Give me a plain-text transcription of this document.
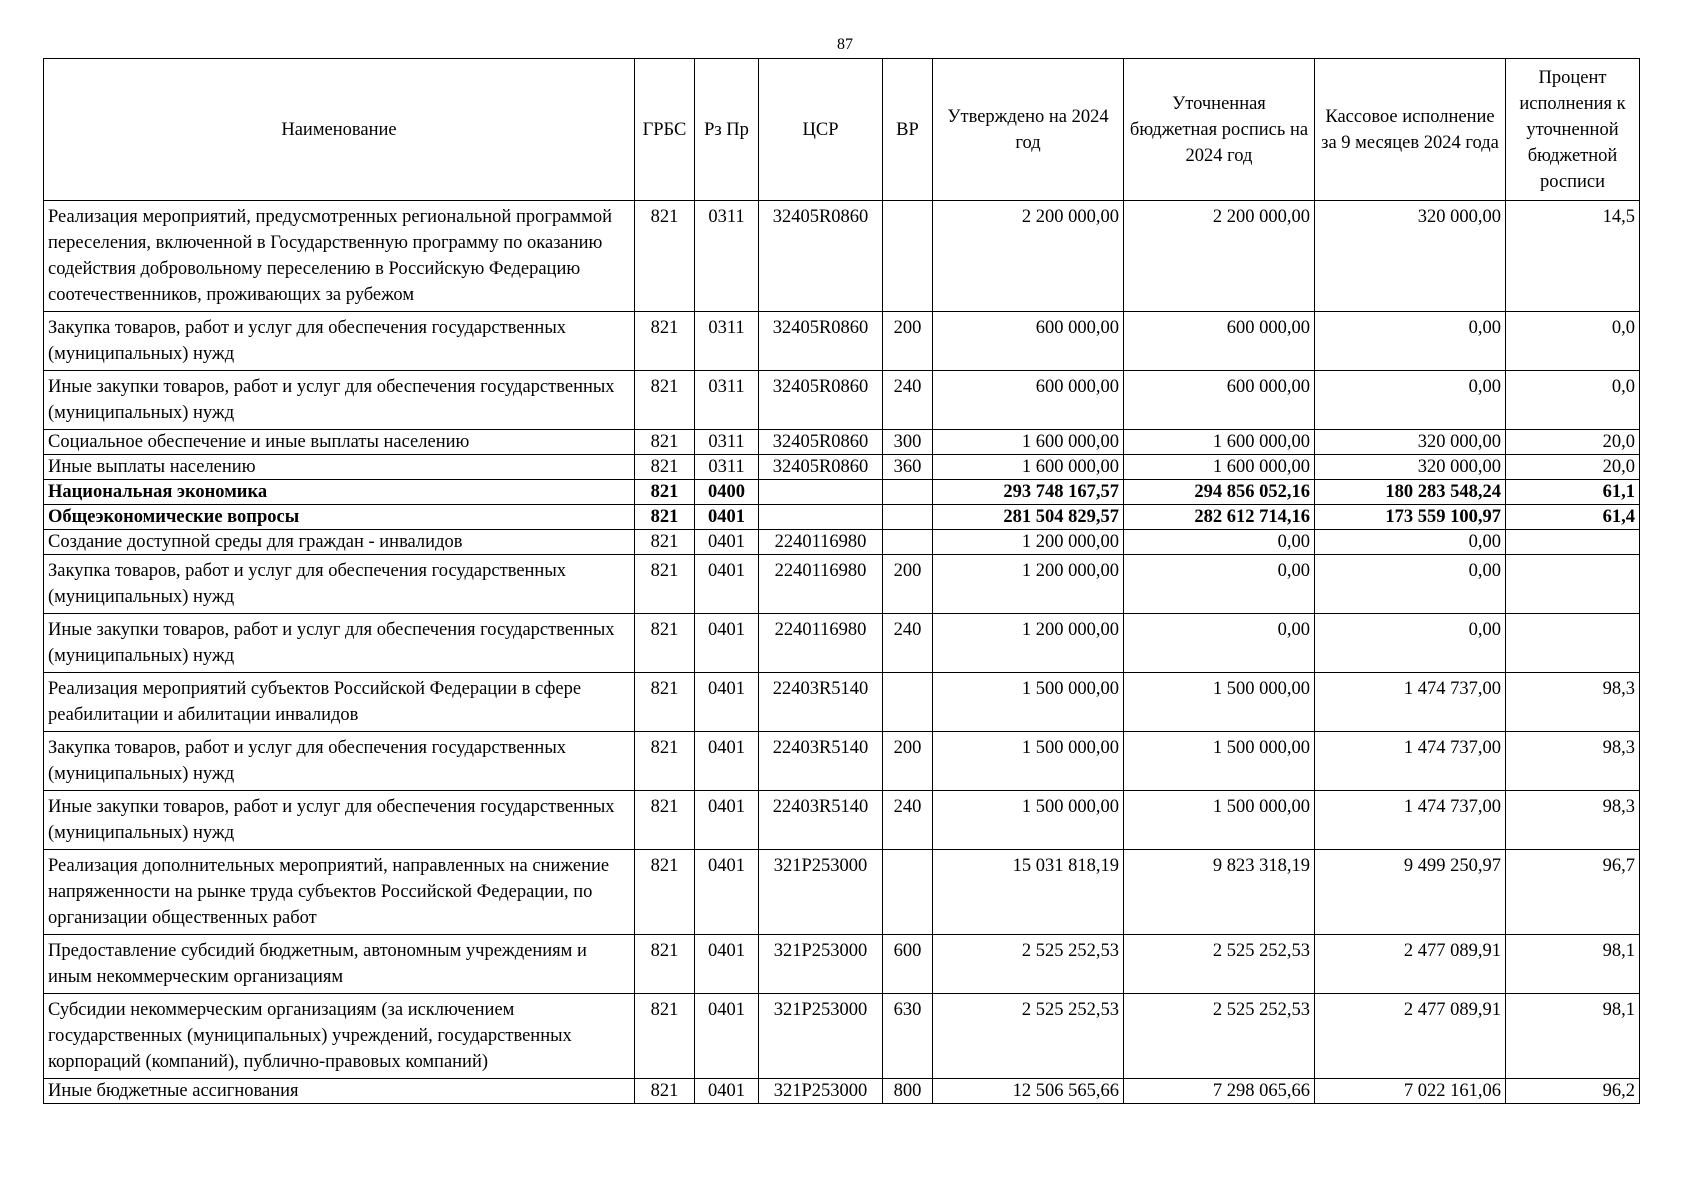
87
Наименование	ГРБС	Рз Пр	ЦСР	ВР	Утверждено на 2024 год	Уточненная бюджетная роспись на 2024 год	Кассовое исполнение за 9 месяцев 2024 года	Процент исполнения к уточненной бюджетной росписи
Реализация мероприятий, предусмотренных региональной программой переселения, включенной в Государственную программу по оказанию содействия добровольному переселению в Российскую Федерацию соотечественников, проживающих за рубежом	821	0311	32405R0860		2 200 000,00	2 200 000,00	320 000,00	14,5
Закупка товаров, работ и услуг для обеспечения государственных (муниципальных) нужд	821	0311	32405R0860	200	600 000,00	600 000,00	0,00	0,0
Иные закупки товаров, работ и услуг для обеспечения государственных (муниципальных) нужд	821	0311	32405R0860	240	600 000,00	600 000,00	0,00	0,0
Социальное обеспечение и иные выплаты населению	821	0311	32405R0860	300	1 600 000,00	1 600 000,00	320 000,00	20,0
Иные выплаты населению	821	0311	32405R0860	360	1 600 000,00	1 600 000,00	320 000,00	20,0
Национальная экономика	821	0400			293 748 167,57	294 856 052,16	180 283 548,24	61,1
Общеэкономические вопросы	821	0401			281 504 829,57	282 612 714,16	173 559 100,97	61,4
Создание доступной среды для граждан - инвалидов	821	0401	2240116980		1 200 000,00	0,00	0,00	
Закупка товаров, работ и услуг для обеспечения государственных (муниципальных) нужд	821	0401	2240116980	200	1 200 000,00	0,00	0,00	
Иные закупки товаров, работ и услуг для обеспечения государственных (муниципальных) нужд	821	0401	2240116980	240	1 200 000,00	0,00	0,00	
Реализация мероприятий субъектов Российской Федерации в сфере реабилитации и абилитации инвалидов	821	0401	22403R5140		1 500 000,00	1 500 000,00	1 474 737,00	98,3
Закупка товаров, работ и услуг для обеспечения государственных (муниципальных) нужд	821	0401	22403R5140	200	1 500 000,00	1 500 000,00	1 474 737,00	98,3
Иные закупки товаров, работ и услуг для обеспечения государственных (муниципальных) нужд	821	0401	22403R5140	240	1 500 000,00	1 500 000,00	1 474 737,00	98,3
Реализация дополнительных мероприятий, направленных на снижение напряженности на рынке труда субъектов Российской Федерации, по организации общественных работ	821	0401	321P253000		15 031 818,19	9 823 318,19	9 499 250,97	96,7
Предоставление субсидий бюджетным, автономным учреждениям и иным некоммерческим организациям	821	0401	321P253000	600	2 525 252,53	2 525 252,53	2 477 089,91	98,1
Субсидии некоммерческим организациям (за исключением государственных (муниципальных) учреждений, государственных корпораций (компаний), публично-правовых компаний)	821	0401	321P253000	630	2 525 252,53	2 525 252,53	2 477 089,91	98,1
Иные бюджетные ассигнования	821	0401	321P253000	800	12 506 565,66	7 298 065,66	7 022 161,06	96,2
